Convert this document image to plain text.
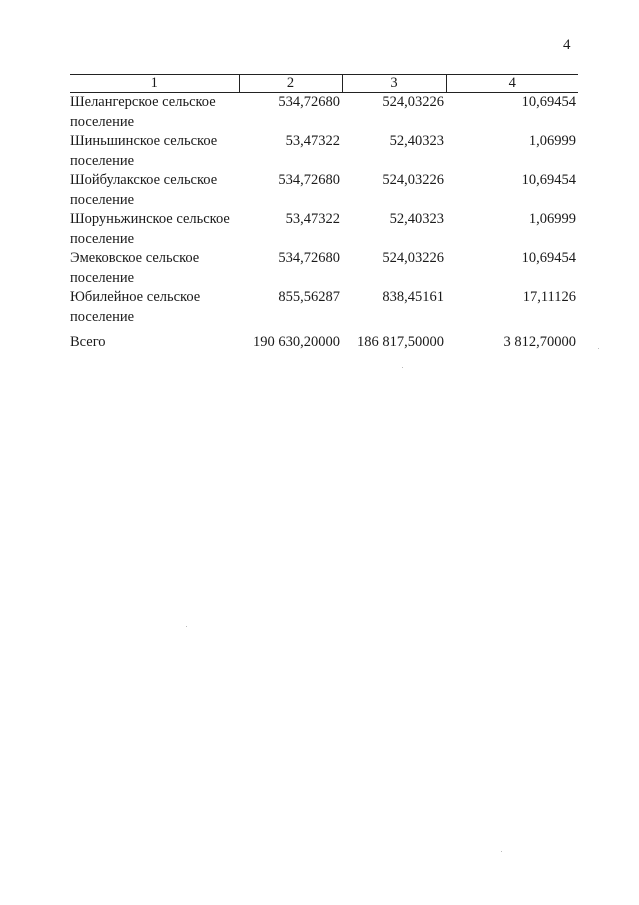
4
1	2	3	4
Шелангерское сельское поселение	534,72680	524,03226	10,69454
Шиньшинское сельское поселение	53,47322	52,40323	1,06999
Шойбулакское сельское поселение	534,72680	524,03226	10,69454
Шоруньжинское сельское поселение	53,47322	52,40323	1,06999
Эмековское сельское поселение	534,72680	524,03226	10,69454
Юбилейное сельское поселение	855,56287	838,45161	17,11126
Всего	190 630,20000	186 817,50000	3 812,70000
